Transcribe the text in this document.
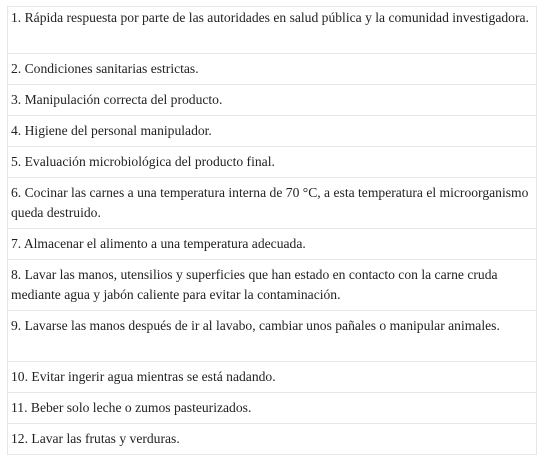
1. Rápida respuesta por parte de las autoridades en salud pública y la comunidad investigadora.
2. Condiciones sanitarias estrictas.
3. Manipulación correcta del producto.
4. Higiene del personal manipulador.
5. Evaluación microbiológica del producto final.
6. Cocinar las carnes a una temperatura interna de 70 °C, a esta temperatura el microorganismo queda destruido.
7. Almacenar el alimento a una temperatura adecuada.
8. Lavar las manos, utensilios y superficies que han estado en contacto con la carne cruda mediante agua y jabón caliente para evitar la contaminación.
9. Lavarse las manos después de ir al lavabo, cambiar unos pañales o manipular animales.
10. Evitar ingerir agua mientras se está nadando.
11. Beber solo leche o zumos pasteurizados.
12. Lavar las frutas y verduras.
